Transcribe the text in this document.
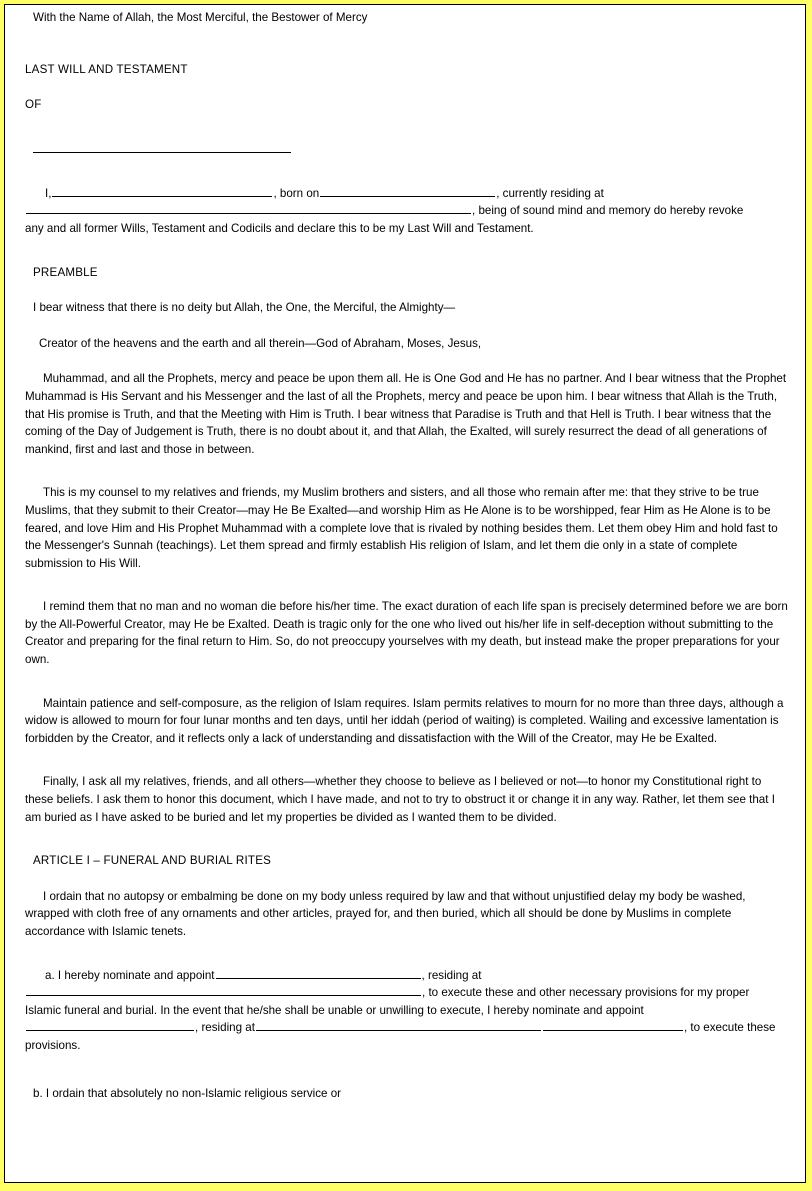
With the Name of Allah, the Most Merciful, the Bestower of Mercy
LAST WILL AND TESTAMENT
OF
I,	, born on	, currently residing at
, being of sound mind and memory do hereby revoke
any and all former Wills, Testament and Codicils and declare this to be my Last Will and Testament.
PREAMBLE
I bear witness that there is no deity but Allah, the One, the Merciful, the Almighty—
Creator of the heavens and the earth and all therein—God of Abraham, Moses, Jesus,
Muhammad, and all the Prophets, mercy and peace be upon them all. He is One God and He has no partner. And I bear witness that the Prophet Muhammad is His Servant and his Messenger and the last of all the Prophets, mercy and peace be upon him. I bear witness that Allah is the Truth, that His promise is Truth, and that the Meeting with Him is Truth. I bear witness that Paradise is Truth and that Hell is Truth. I bear witness that the coming of the Day of Judgement is Truth, there is no doubt about it, and that Allah, the Exalted, will surely resurrect the dead of all generations of mankind, first and last and those in between.
This is my counsel to my relatives and friends, my Muslim brothers and sisters, and all those who remain after me: that they strive to be true Muslims, that they submit to their Creator—may He Be Exalted—and worship Him as He Alone is to be worshipped, fear Him as He Alone is to be feared, and love Him and His Prophet Muhammad with a complete love that is rivaled by nothing besides them. Let them obey Him and hold fast to the Messenger's Sunnah (teachings). Let them spread and firmly establish His religion of Islam, and let them die only in a state of complete submission to His Will.
I remind them that no man and no woman die before his/her time. The exact duration of each life span is precisely determined before we are born by the All-Powerful Creator, may He be Exalted. Death is tragic only for the one who lived out his/her life in self-deception without submitting to the Creator and preparing for the final return to Him. So, do not preoccupy yourselves with my death, but instead make the proper preparations for your own.
Maintain patience and self-composure, as the religion of Islam requires. Islam permits relatives to mourn for no more than three days, although a widow is allowed to mourn for four lunar months and ten days, until her iddah (period of waiting) is completed. Wailing and excessive lamentation is forbidden by the Creator, and it reflects only a lack of understanding and dissatisfaction with the Will of the Creator, may He be Exalted.
Finally, I ask all my relatives, friends, and all others—whether they choose to believe as I believed or not—to honor my Constitutional right to these beliefs. I ask them to honor this document, which I have made, and not to try to obstruct it or change it in any way. Rather, let them see that I am buried as I have asked to be buried and let my properties be divided as I wanted them to be divided.
ARTICLE I – FUNERAL AND BURIAL RITES
I ordain that no autopsy or embalming be done on my body unless required by law and that without unjustified delay my body be washed, wrapped with cloth free of any ornaments and other articles, prayed for, and then buried, which all should be done by Muslims in complete accordance with Islamic tenets.
a. I hereby nominate and appoint	, residing at
, to execute these and other necessary provisions for my proper
Islamic funeral and burial. In the event that he/she shall be unable or unwilling to execute, I hereby nominate and appoint
, residing at	, to execute these
provisions.
b. I ordain that absolutely no non-Islamic religious service or
